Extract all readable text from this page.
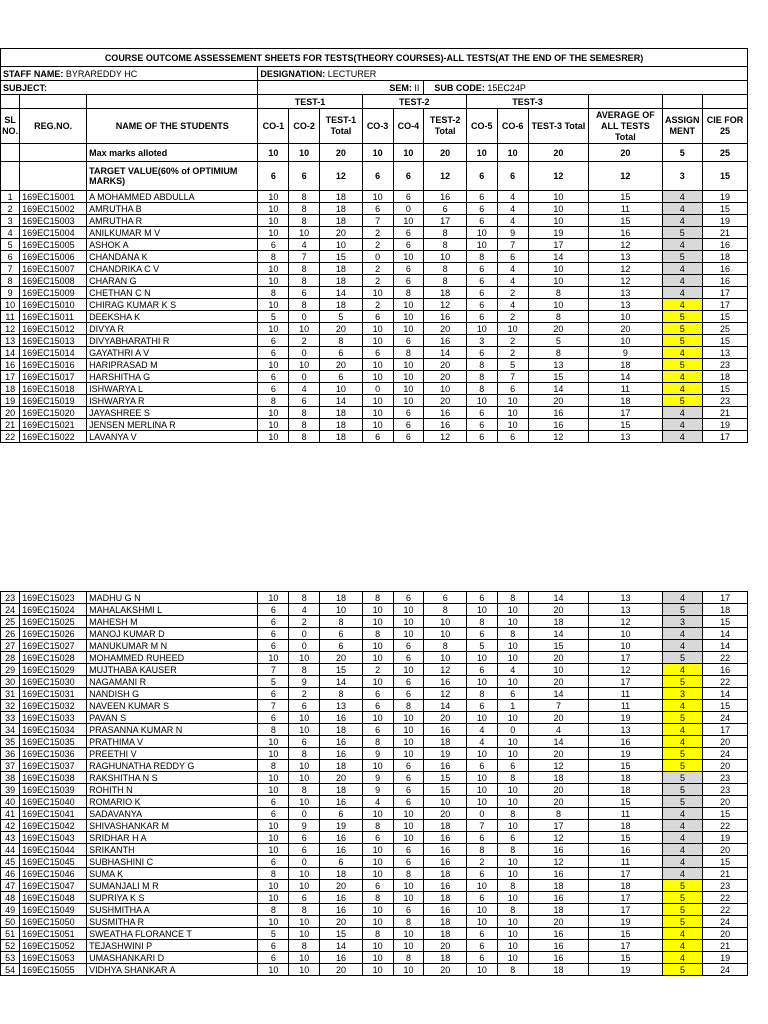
COURSE OUTCOME ASSESSEMENT SHEETS FOR TESTS(THEORY COURSES)-ALL TESTS(AT THE END OF THE SEMESRER)														
STAFF NAME: BYRAREDDY HC			DESIGNATION: LECTURER											
SUBJECT:			SEM: II					SUB CODE: 15EC24P						
			TEST-1			TEST-2			TEST-3					
SL NO.	REG.NO.	NAME OF THE STUDENTS	CO-1	CO-2	TEST-1 Total	CO-3	CO-4	TEST-2 Total	CO-5	CO-6	TEST-3 Total	AVERAGE OF ALL TESTS Total	ASSIGN MENT	CIE FOR 25
		Max marks alloted	10	10	20	10	10	20	10	10	20	20	5	25
		TARGET VALUE(60% of OPTIMIUM MARKS)	6	6	12	6	6	12	6	6	12	12	3	15
1	169EC15001	A MOHAMMED ABDULLA	10	8	18	10	6	16	6	4	10	15	4	19
2	169EC15002	AMRUTHA B	10	8	18	6	0	6	6	4	10	11	4	15
3	169EC15003	AMRUTHA R	10	8	18	7	10	17	6	4	10	15	4	19
4	169EC15004	ANILKUMAR M V	10	10	20	2	6	8	10	9	19	16	5	21
5	169EC15005	ASHOK A	6	4	10	2	6	8	10	7	17	12	4	16
6	169EC15006	CHANDANA K	8	7	15	0	10	10	8	6	14	13	5	18
7	169EC15007	CHANDRIKA C V	10	8	18	2	6	8	6	4	10	12	4	16
8	169EC15008	CHARAN G	10	8	18	2	6	8	6	4	10	12	4	16
9	169EC15009	CHETHAN C N	8	6	14	10	8	18	6	2	8	13	4	17
10	169EC15010	CHIRAG KUMAR K S	10	8	18	2	10	12	6	4	10	13	4	17
11	169EC15011	DEEKSHA K	5	0	5	6	10	16	6	2	8	10	5	15
12	169EC15012	DIVYA R	10	10	20	10	10	20	10	10	20	20	5	25
13	169EC15013	DIVYABHARATHI R	6	2	8	10	6	16	3	2	5	10	5	15
14	169EC15014	GAYATHRI A V	6	0	6	6	8	14	6	2	8	9	4	13
16	169EC15016	HARIPRASAD M	10	10	20	10	10	20	8	5	13	18	5	23
17	169EC15017	HARSHITHA G	6	0	6	10	10	20	8	7	15	14	4	18
18	169EC15018	ISHWARYA L	6	4	10	0	10	10	8	6	14	11	4	15
19	169EC15019	ISHWARYA R	8	6	14	10	10	20	10	10	20	18	5	23
20	169EC15020	JAYASHREE S	10	8	18	10	6	16	6	10	16	17	4	21
21	169EC15021	JENSEN MERLINA R	10	8	18	10	6	16	6	10	16	15	4	19
22	169EC15022	LAVANYA V	10	8	18	6	6	12	6	6	12	13	4	17
23	169EC15023	MADHU G N	10	8	18	8	6	6	6	8	14	13	4	17
24	169EC15024	MAHALAKSHMI L	6	4	10	10	10	8	10	10	20	13	5	18
25	169EC15025	MAHESH M	6	2	8	10	10	10	8	10	18	12	3	15
26	169EC15026	MANOJ KUMAR D	6	0	6	8	10	10	6	8	14	10	4	14
27	169EC15027	MANUKUMAR M N	6	0	6	10	6	8	5	10	15	10	4	14
28	169EC15028	MOHAMMED RUHEED	10	10	20	10	6	10	10	10	20	17	5	22
29	169EC15029	MUJTHABA KAUSER	7	8	15	2	10	12	6	4	10	12	4	16
30	169EC15030	NAGAMANI R	5	9	14	10	6	16	10	10	20	17	5	22
31	169EC15031	NANDISH G	6	2	8	6	6	12	8	6	14	11	3	14
32	169EC15032	NAVEEN KUMAR S	7	6	13	6	8	14	6	1	7	11	4	15
33	169EC15033	PAVAN S	6	10	16	10	10	20	10	10	20	19	5	24
34	169EC15034	PRASANNA KUMAR N	8	10	18	6	10	16	4	0	4	13	4	17
35	169EC15035	PRATHIMA V	10	6	16	8	10	18	4	10	14	16	4	20
36	169EC15036	PREETHI V	10	8	16	9	10	19	10	10	20	19	5	24
37	169EC15037	RAGHUNATHA REDDY G	8	10	18	10	6	16	6	6	12	15	5	20
38	169EC15038	RAKSHITHA N S	10	10	20	9	6	15	10	8	18	18	5	23
39	169EC15039	ROHITH N	10	8	18	9	6	15	10	10	20	18	5	23
40	169EC15040	ROMARIO K	6	10	16	4	6	10	10	10	20	15	5	20
41	169EC15041	SADAVANYA	6	0	6	10	10	20	0	8	8	11	4	15
42	169EC15042	SHIVASHANKAR M	10	9	19	8	10	18	7	10	17	18	4	22
43	169EC15043	SRIDHAR H A	10	6	16	6	10	16	6	6	12	15	4	19
44	169EC15044	SRIKANTH	10	6	16	10	6	16	8	8	16	16	4	20
45	169EC15045	SUBHASHINI C	6	0	6	10	6	16	2	10	12	11	4	15
46	169EC15046	SUMA K	8	10	18	10	8	18	6	10	16	17	4	21
47	169EC15047	SUMANJALI M R	10	10	20	6	10	16	10	8	18	18	5	23
48	169EC15048	SUPRIYA K S	10	6	16	8	10	18	6	10	16	17	5	22
49	169EC15049	SUSHMITHA A	8	8	16	10	6	16	10	8	18	17	5	22
50	169EC15050	SUSMITHA R	10	10	20	10	8	18	10	10	20	19	5	24
51	169EC15051	SWEATHA FLORANCE T	5	10	15	8	10	18	6	10	16	15	4	20
52	169EC15052	TEJASHWINI P	6	8	14	10	10	20	6	10	16	17	4	21
53	169EC15053	UMASHANKARI D	6	10	16	10	8	18	6	10	16	15	4	19
54	169EC15055	VIDHYA SHANKAR A	10	10	20	10	10	20	10	8	18	19	5	24
